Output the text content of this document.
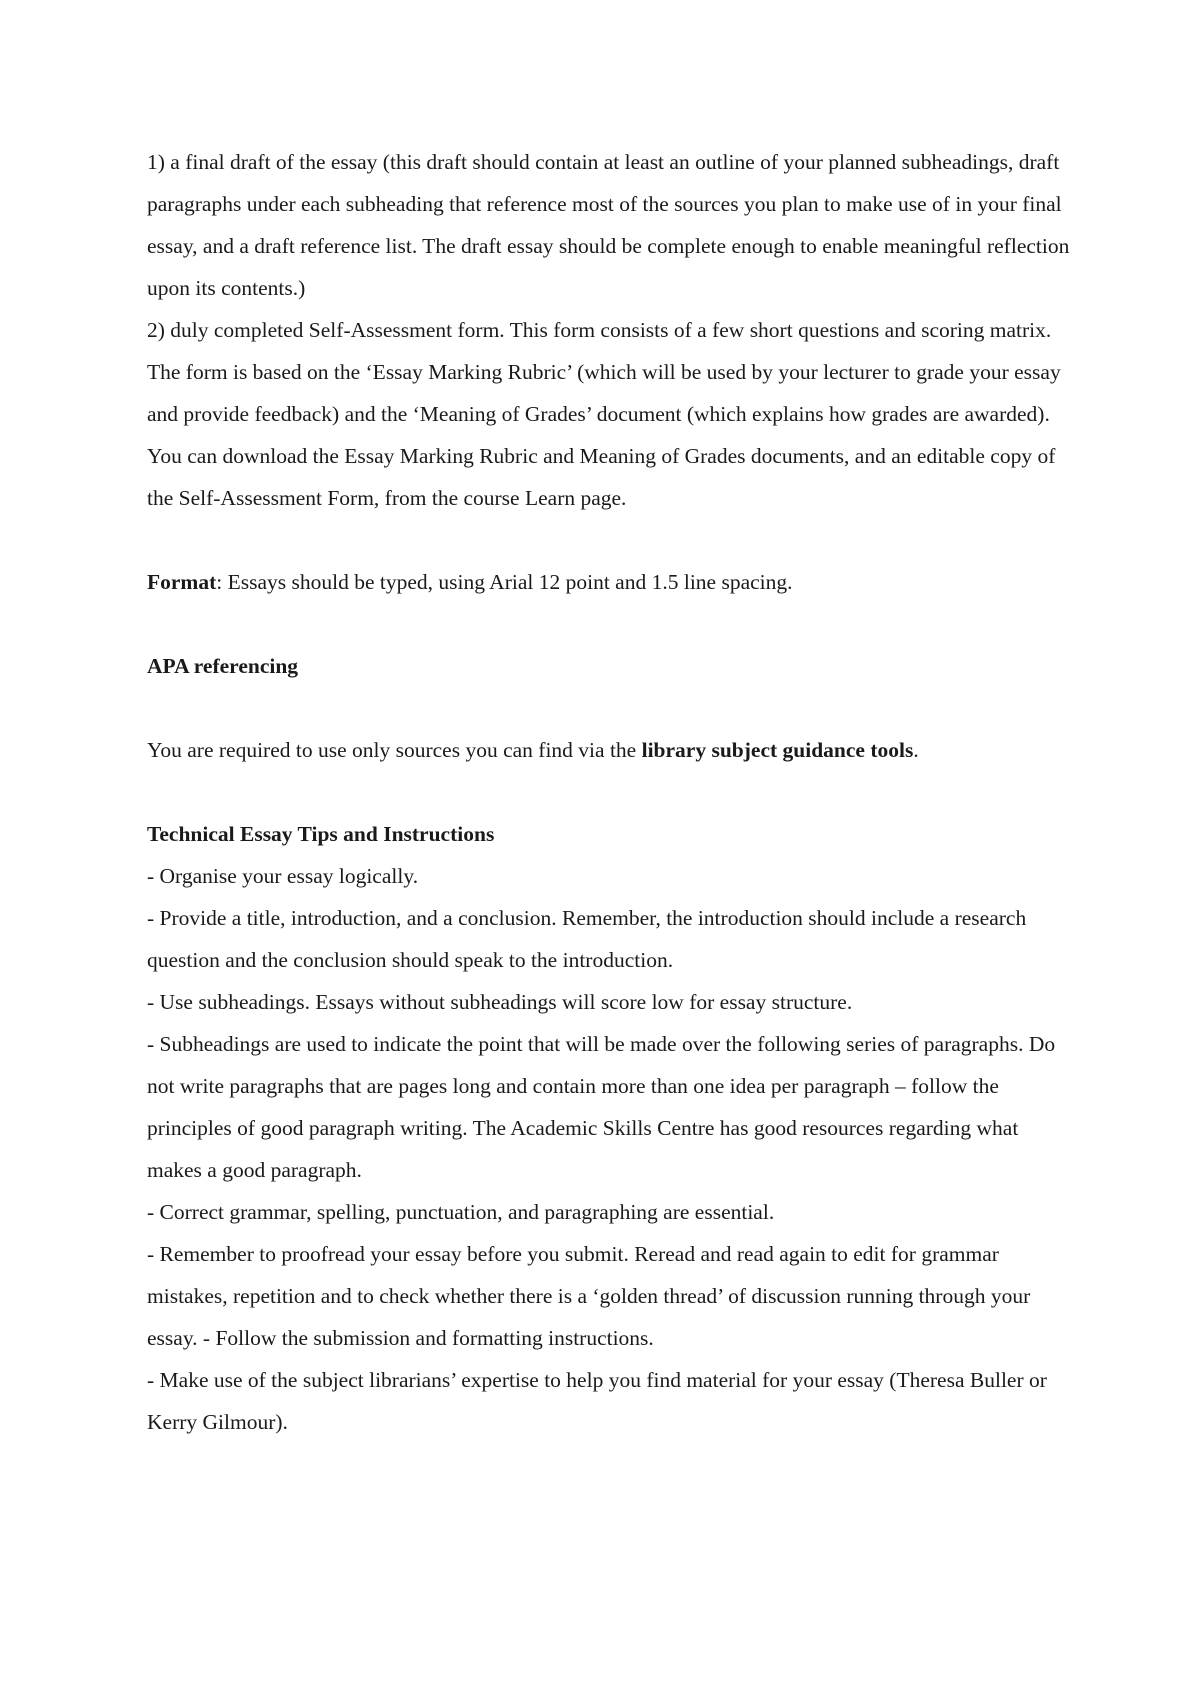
1) a final draft of the essay (this draft should contain at least an outline of your planned subheadings, draft paragraphs under each subheading that reference most of the sources you plan to make use of in your final essay, and a draft reference list. The draft essay should be complete enough to enable meaningful reflection upon its contents.)

2) duly completed Self-Assessment form. This form consists of a few short questions and scoring matrix. The form is based on the ‘Essay Marking Rubric’ (which will be used by your lecturer to grade your essay and provide feedback) and the ‘Meaning of Grades’ document (which explains how grades are awarded). You can download the Essay Marking Rubric and Meaning of Grades documents, and an editable copy of the Self-Assessment Form, from the course Learn page.

Format: Essays should be typed, using Arial 12 point and 1.5 line spacing.

APA referencing

You are required to use only sources you can find via the library subject guidance tools.

Technical Essay Tips and Instructions

- Organise your essay logically.

- Provide a title, introduction, and a conclusion. Remember, the introduction should include a research question and the conclusion should speak to the introduction.

- Use subheadings. Essays without subheadings will score low for essay structure.

- Subheadings are used to indicate the point that will be made over the following series of paragraphs. Do not write paragraphs that are pages long and contain more than one idea per paragraph – follow the principles of good paragraph writing. The Academic Skills Centre has good resources regarding what makes a good paragraph.

- Correct grammar, spelling, punctuation, and paragraphing are essential.

- Remember to proofread your essay before you submit. Reread and read again to edit for grammar mistakes, repetition and to check whether there is a ‘golden thread’ of discussion running through your essay. - Follow the submission and formatting instructions.

- Make use of the subject librarians’ expertise to help you find material for your essay (Theresa Buller or Kerry Gilmour).
